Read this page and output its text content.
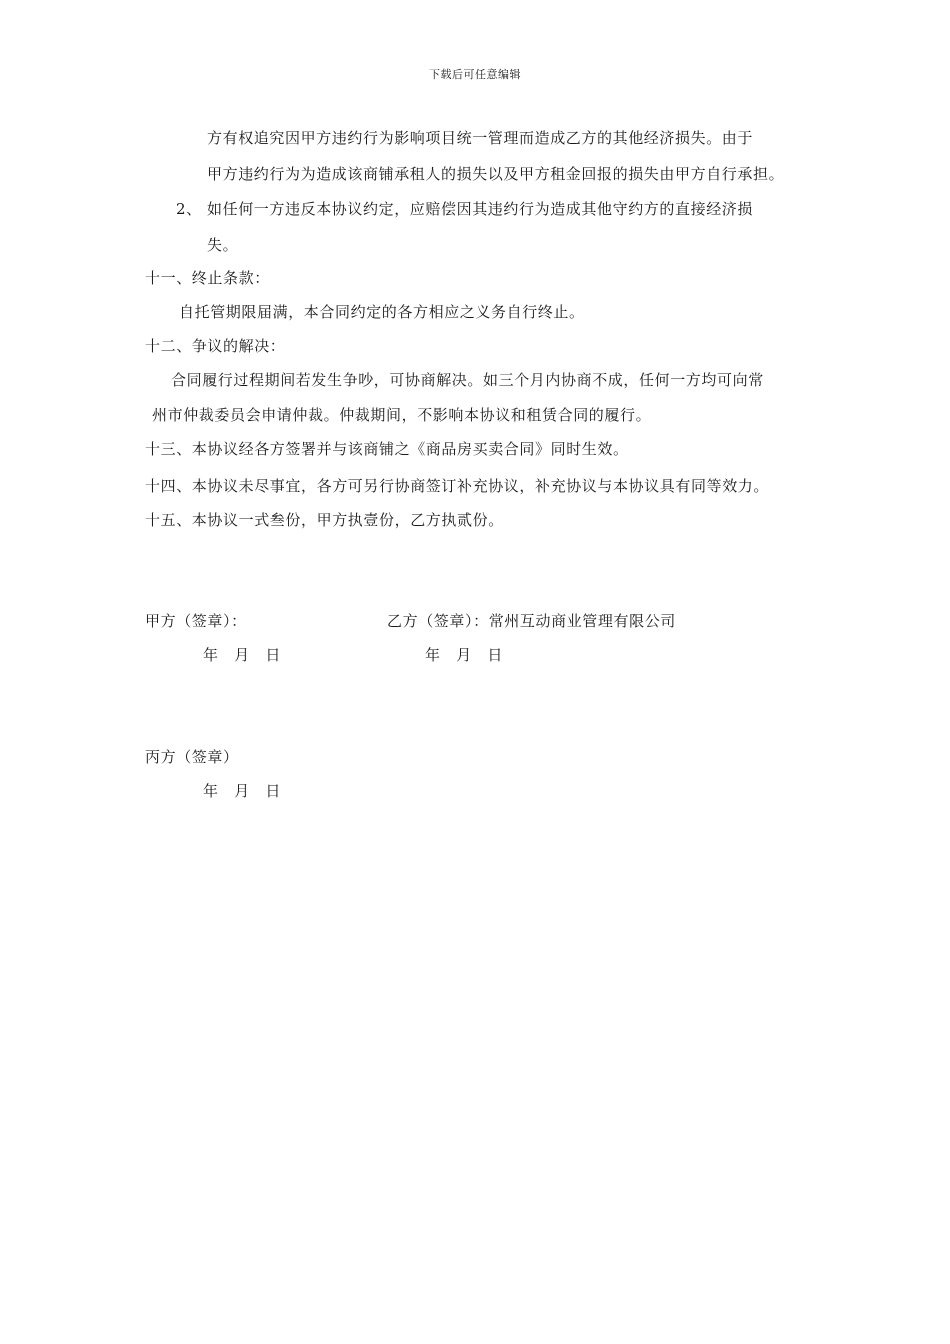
下载后可任意编辑
方有权追究因甲方违约行为影响项目统一管理而造成乙方的其他经济损失。由于
甲方违约行为为造成该商铺承租人的损失以及甲方租金回报的损失由甲方自行承担。
2、 如任何一方违反本协议约定，应赔偿因其违约行为造成其他守约方的直接经济损
失。
十一、终止条款：
自托管期限届满，本合同约定的各方相应之义务自行终止。
十二、争议的解决：
合同履行过程期间若发生争吵，可协商解决。如三个月内协商不成，任何一方均可向常
州市仲裁委员会申请仲裁。仲裁期间，不影响本协议和租赁合同的履行。
十三、本协议经各方签署并与该商铺之《商品房买卖合同》同时生效。
十四、本协议未尽事宜，各方可另行协商签订补充协议，补充协议与本协议具有同等效力。
十五、本协议一式叁份，甲方执壹份，乙方执贰份。
甲方（签章）：	乙方（签章）：常州互动商业管理有限公司
年　月　日	年　月　日
丙方（签章）
年　月　日
